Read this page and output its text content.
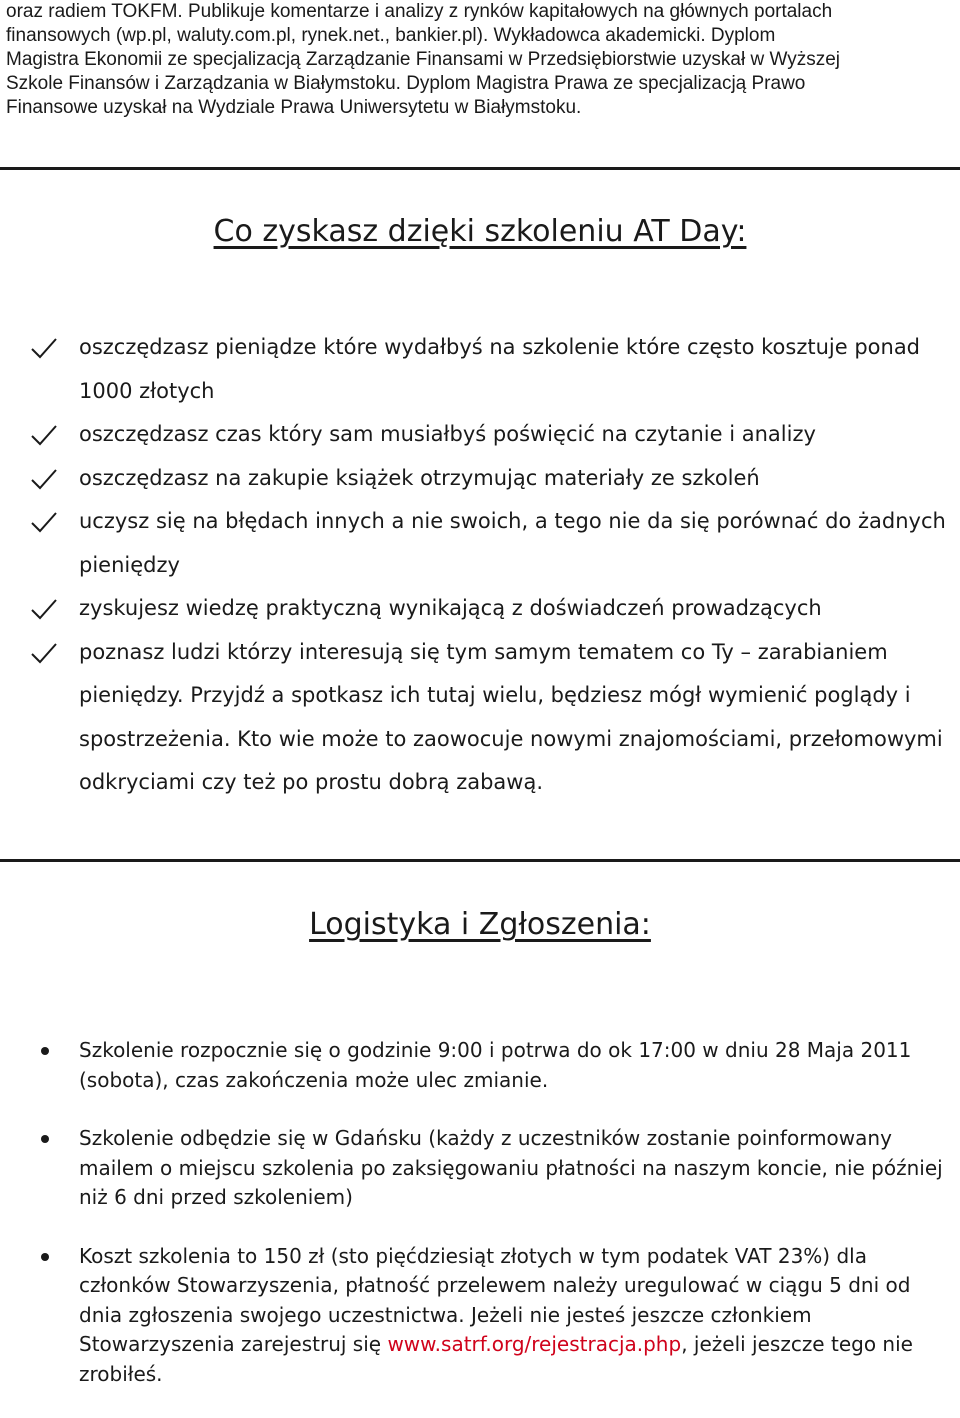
oraz radiem TOKFM. Publikuje komentarze i analizy z rynków kapitałowych na głównych portalach
finansowych (wp.pl, waluty.com.pl, rynek.net., bankier.pl). Wykładowca akademicki. Dyplom
Magistra Ekonomii ze specjalizacją Zarządzanie Finansami w Przedsiębiorstwie uzyskał w Wyższej
Szkole Finansów i Zarządzania w Białymstoku. Dyplom Magistra Prawa ze specjalizacją Prawo
Finansowe uzyskał na Wydziale Prawa Uniwersytetu w Białymstoku.
Co zyskasz dzięki szkoleniu AT Day:
oszczędzasz pieniądze które wydałbyś na szkolenie które często kosztuje ponad 1000 złotych
oszczędzasz czas który sam musiałbyś poświęcić na czytanie i analizy
oszczędzasz na zakupie książek otrzymując materiały ze szkoleń
uczysz się na błędach innych a nie swoich, a tego nie da się porównać do żadnych pieniędzy
zyskujesz wiedzę praktyczną wynikającą z doświadczeń prowadzących
poznasz ludzi którzy interesują się tym samym tematem co Ty – zarabianiem pieniędzy. Przyjdź a spotkasz ich tutaj wielu, będziesz mógł wymienić poglądy i spostrzeżenia. Kto wie może to zaowocuje nowymi znajomościami, przełomowymi odkryciami czy też po prostu dobrą zabawą.
Logistyka i Zgłoszenia:
Szkolenie rozpocznie się o godzinie 9:00 i potrwa do ok 17:00 w dniu 28 Maja 2011 (sobota), czas zakończenia może ulec zmianie.
Szkolenie odbędzie się w Gdańsku (każdy z uczestników zostanie poinformowany mailem o miejscu szkolenia po zaksięgowaniu płatności na naszym koncie, nie później niż 6 dni przed szkoleniem)
Koszt szkolenia to 150 zł (sto pięćdziesiąt złotych w tym podatek VAT 23%) dla członków Stowarzyszenia, płatność przelewem należy uregulować w ciągu 5 dni od dnia zgłoszenia swojego uczestnictwa. Jeżeli nie jesteś jeszcze członkiem Stowarzyszenia zarejestruj się www.satrf.org/rejestracja.php, jeżeli jeszcze tego nie zrobiłeś.
